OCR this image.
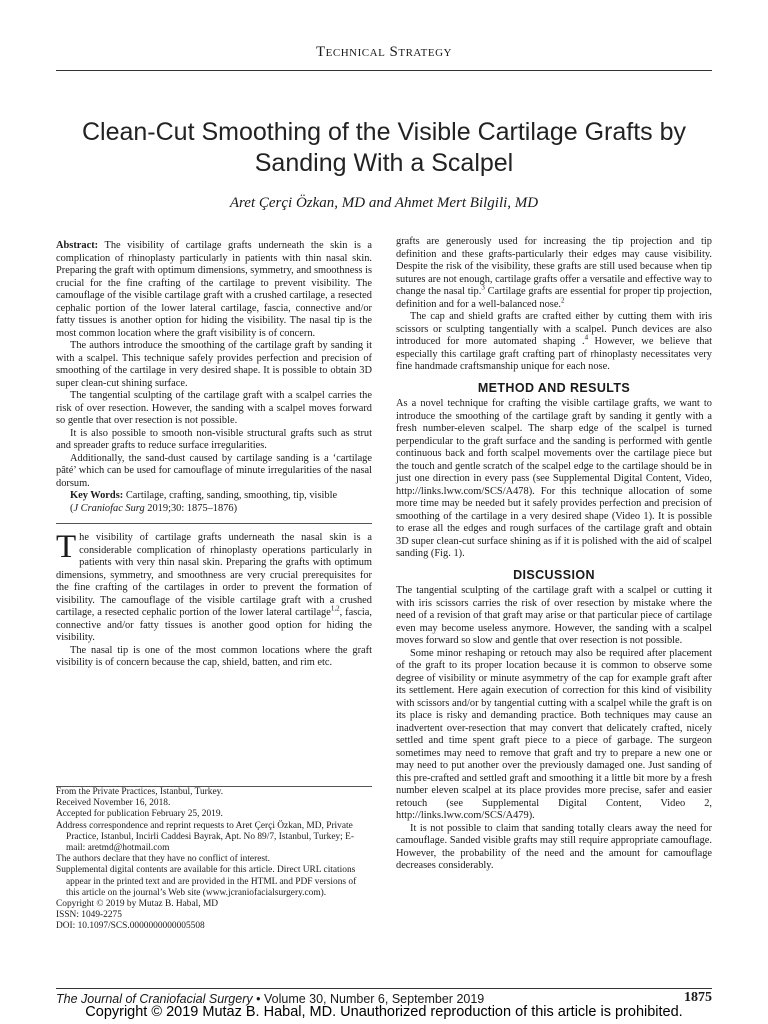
Technical Strategy
Clean-Cut Smoothing of the Visible Cartilage Grafts by Sanding With a Scalpel
Aret Çerçi Özkan, MD and Ahmet Mert Bilgili, MD

Abstract: The visibility of cartilage grafts underneath the skin is a complication of rhinoplasty particularly in patients with thin nasal skin. Preparing the graft with optimum dimensions, symmetry, and smoothness is crucial for the fine crafting of the cartilage to prevent visibility. The camouflage of the visible cartilage graft with a crushed cartilage, a resected cephalic portion of the lower lateral cartilage, fascia, connective and/or fatty tissues is another option for hiding the visibility. The nasal tip is the most common location where the graft visibility is of concern.

The authors introduce the smoothing of the cartilage graft by sanding it with a scalpel. This technique safely provides perfection and precision of smoothing of the cartilage in very desired shape. It is possible to obtain 3D super clean-cut shining surface.

The tangential sculpting of the cartilage graft with a scalpel carries the risk of over resection. However, the sanding with a scalpel moves forward so gentle that over resection is not possible.

It is also possible to smooth non-visible structural grafts such as strut and spreader grafts to reduce surface irregularities.

Additionally, the sand-dust caused by cartilage sanding is a ‘cartilage pâté’ which can be used for camouflage of minute irregularities of the nasal dorsum.

Key Words: Cartilage, crafting, sanding, smoothing, tip, visible

(J Craniofac Surg 2019;30: 1875–1876)

The visibility of cartilage grafts underneath the nasal skin is a considerable complication of rhinoplasty operations particularly in patients with very thin nasal skin. Preparing the grafts with optimum dimensions, symmetry, and smoothness are very crucial prerequisites for the fine crafting of the cartilages in order to prevent the formation of visibility. The camouflage of the visible cartilage graft with a crushed cartilage, a resected cephalic portion of the lower lateral cartilage$^{1,2}$, fascia, connective and/or fatty tissues is another good option for hiding the visibility.

The nasal tip is one of the most common locations where the graft visibility is of concern because the cap, shield, batten, and rim etc.

From the Private Practices, Istanbul, Turkey.
Received November 16, 2018.
Accepted for publication February 25, 2019.
Address correspondence and reprint requests to Aret Çerçi Özkan, MD, Private Practice, Istanbul, Incirli Caddesi Bayrak, Apt. No 89/7, Istanbul, Turkey; E-mail: aretmd@hotmail.com
The authors declare that they have no conflict of interest.
Supplemental digital contents are available for this article. Direct URL citations appear in the printed text and are provided in the HTML and PDF versions of this article on the journal’s Web site (www.jcraniofacialsurgery.com).
Copyright © 2019 by Mutaz B. Habal, MD
ISSN: 1049-2275
DOI: 10.1097/SCS.0000000000005508

grafts are generously used for increasing the tip projection and tip definition and these grafts-particularly their edges may cause visibility. Despite the risk of the visibility, these grafts are still used because when tip sutures are not enough, cartilage grafts offer a versatile and effective way to change the nasal tip.$^3$ Cartilage grafts are essential for proper tip projection, definition and for a well-balanced nose.$^2$

The cap and shield grafts are crafted either by cutting them with iris scissors or sculpting tangentially with a scalpel. Punch devices are also introduced for more automated shaping .$^4$ However, we believe that especially this cartilage graft crafting part of rhinoplasty necessitates very fine handmade craftsmanship unique for each nose.

METHOD AND RESULTS

As a novel technique for crafting the visible cartilage grafts, we want to introduce the smoothing of the cartilage graft by sanding it gently with a fresh number-eleven scalpel. The sharp edge of the scalpel is turned perpendicular to the graft surface and the sanding is performed with gentle continuous back and forth scalpel movements over the cartilage piece but the touch and gentle scratch of the scalpel edge to the cartilage should be in just one direction in every pass (see Supplemental Digital Content, Video, http://links.lww.com/SCS/A478). For this technique allocation of some more time may be needed but it safely provides perfection and precision of smoothing of the cartilage in a very desired shape (Video 1). It is possible to erase all the edges and rough surfaces of the cartilage graft and obtain 3D super clean-cut surface shining as if it is polished with the aid of scalpel sanding (Fig. 1).

DISCUSSION

The tangential sculpting of the cartilage graft with a scalpel or cutting it with iris scissors carries the risk of over resection by mistake where the need of a revision of that graft may arise or that particular piece of cartilage even may become useless anymore. However, the sanding with a scalpel moves forward so slow and gentle that over resection is not possible.

Some minor reshaping or retouch may also be required after placement of the graft to its proper location because it is common to observe some degree of visibility or minute asymmetry of the cap for example graft after its settlement. Here again execution of correction for this kind of visibility with scissors and/or by tangential cutting with a scalpel while the graft is on its place is risky and demanding practice. Both techniques may cause an inadvertent over-resection that may convert that delicately crafted, nicely settled and time spent graft piece to a piece of garbage. The surgeon sometimes may need to remove that graft and try to prepare a new one or may need to put another over the previously damaged one. Just sanding of this pre-crafted and settled graft and smoothing it a little bit more by a fresh number eleven scalpel at its place provides more precise, safer and easier retouch (see Supplemental Digital Content, Video 2, http://links.lww.com/SCS/A479).

It is not possible to claim that sanding totally clears away the need for camouflage. Sanded visible grafts may still require appropriate camouflage. However, the probability of the need and the amount for camouflage decreases considerably.

The Journal of Craniofacial Surgery • Volume 30, Number 6, September 2019	1875
Copyright © 2019 Mutaz B. Habal, MD. Unauthorized reproduction of this article is prohibited.
